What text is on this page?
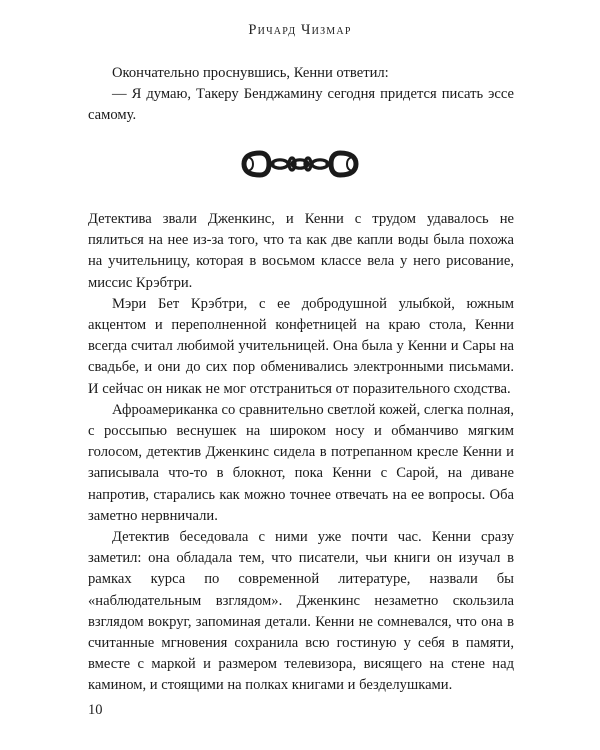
Ричард Чизмар

Окончательно проснувшись, Кенни ответил:

— Я думаю, Такеру Бенджамину сегодня придется писать эссе самому.

Детектива звали Дженкинс, и Кенни с трудом удавалось не пялиться на нее из-за того, что та как две капли воды была похожа на учительницу, которая в восьмом классе вела у него рисование, миссис Крэбтри.

Мэри Бет Крэбтри, с ее добродушной улыбкой, южным акцентом и переполненной конфетницей на краю стола, Кенни всегда считал любимой учительницей. Она была у Кенни и Сары на свадьбе, и они до сих пор обменивались электронными письмами. И сейчас он никак не мог отстраниться от поразительного сходства.

Афроамериканка со сравнительно светлой кожей, слегка полная, с россыпью веснушек на широком носу и обманчиво мягким голосом, детектив Дженкинс сидела в потрепанном кресле Кенни и записывала что-то в блокнот, пока Кенни с Сарой, на диване напротив, старались как можно точнее отвечать на ее вопросы. Оба заметно нервничали.

Детектив беседовала с ними уже почти час. Кенни сразу заметил: она обладала тем, что писатели, чьи книги он изучал в рамках курса по современной литературе, назвали бы «наблюдательным взглядом». Дженкинс незаметно скользила взглядом вокруг, запоминая детали. Кенни не сомневался, что она в считанные мгновения сохранила всю гостиную у себя в памяти, вместе с маркой и размером телевизора, висящего на стене над камином, и стоящими на полках книгами и безделушками.

10
